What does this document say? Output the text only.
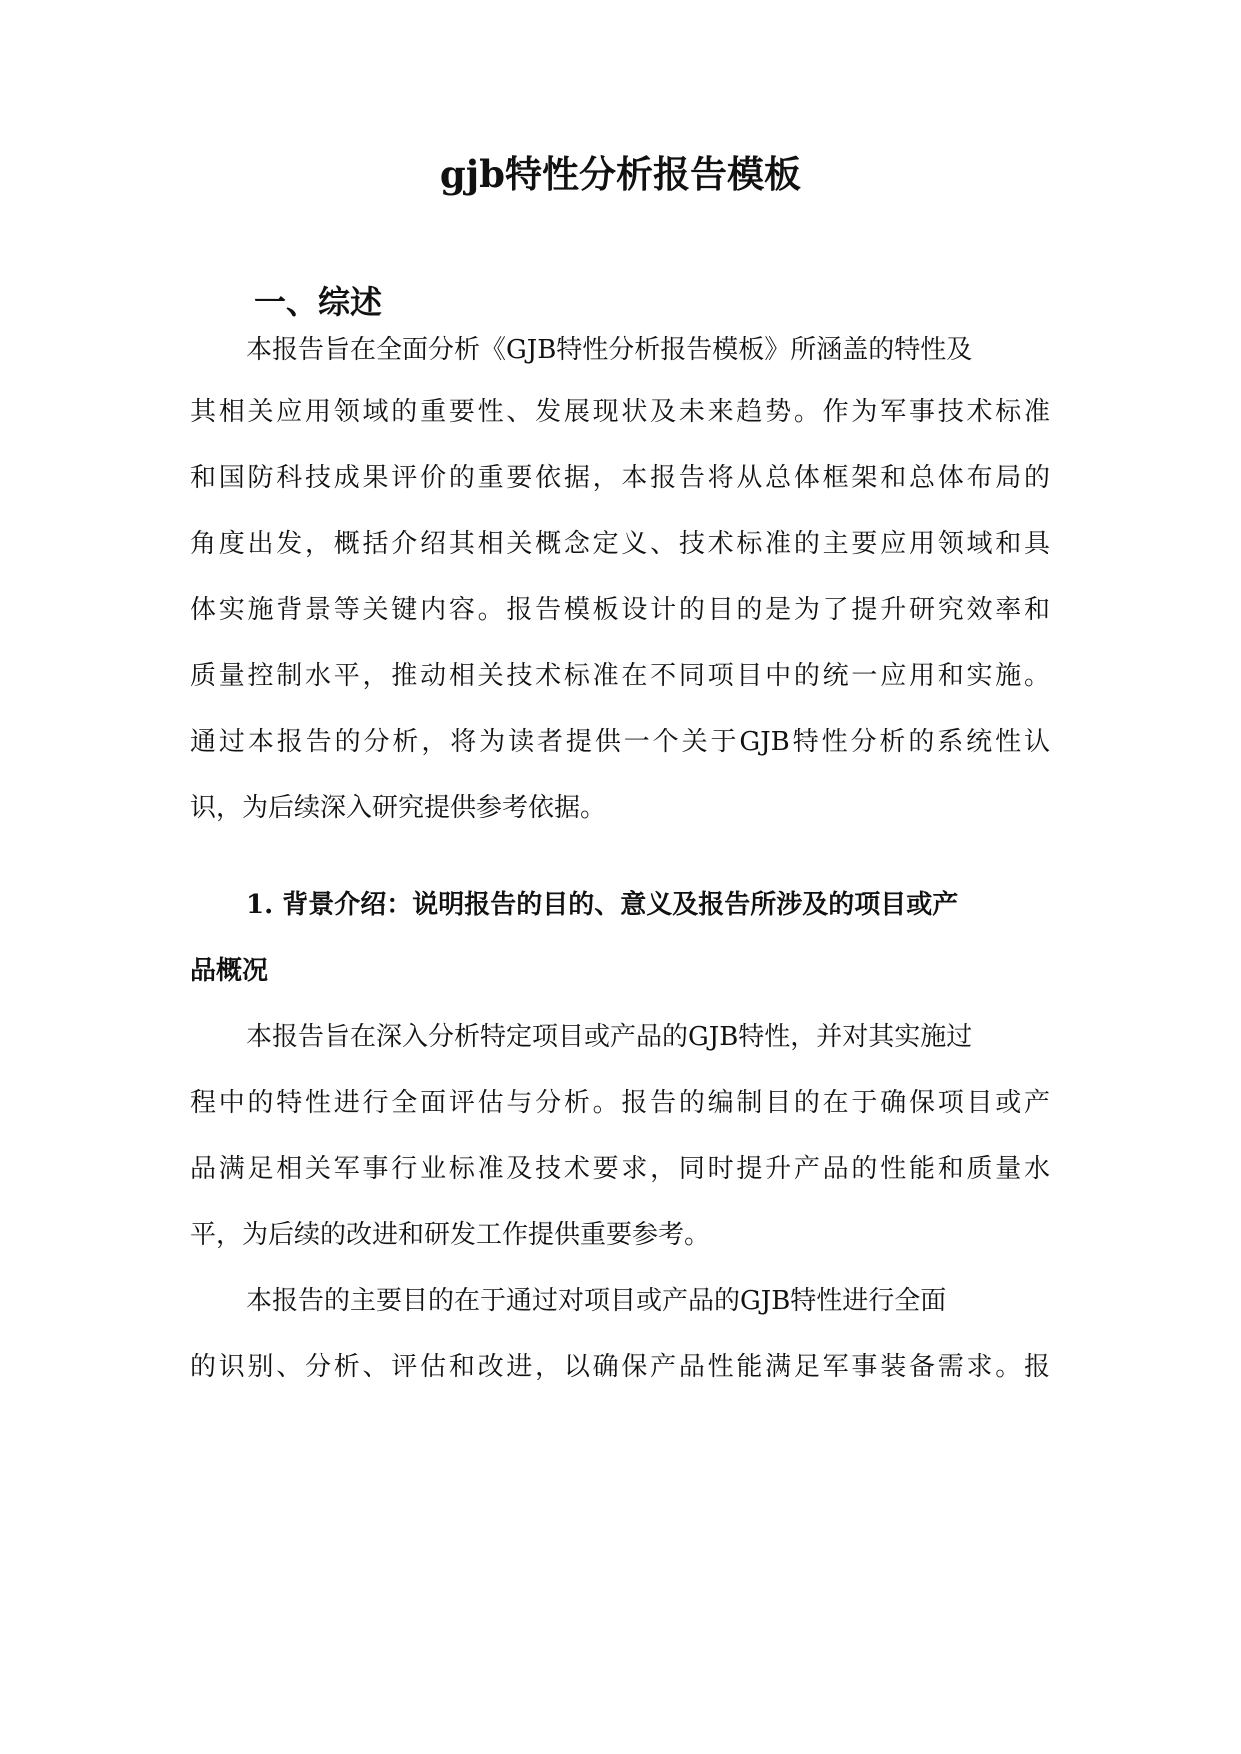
gjb特性分析报告模板
一、综述

本报告旨在全面分析《GJB特性分析报告模板》所涵盖的特性及

其相关应用领域的重要性、发展现状及未来趋势。作为军事技术标准

和国防科技成果评价的重要依据，本报告将从总体框架和总体布局的

角度出发，概括介绍其相关概念定义、技术标准的主要应用领域和具

体实施背景等关键内容。报告模板设计的目的是为了提升研究效率和

质量控制水平，推动相关技术标准在不同项目中的统一应用和实施。

通过本报告的分析，将为读者提供一个关于GJB特性分析的系统性认

识，为后续深入研究提供参考依据。

1. 背景介绍：说明报告的目的、意义及报告所涉及的项目或产

品概况

本报告旨在深入分析特定项目或产品的GJB特性，并对其实施过

程中的特性进行全面评估与分析。报告的编制目的在于确保项目或产

品满足相关军事行业标准及技术要求，同时提升产品的性能和质量水

平，为后续的改进和研发工作提供重要参考。

本报告的主要目的在于通过对项目或产品的GJB特性进行全面

的识别、分析、评估和改进，以确保产品性能满足军事装备需求。报
